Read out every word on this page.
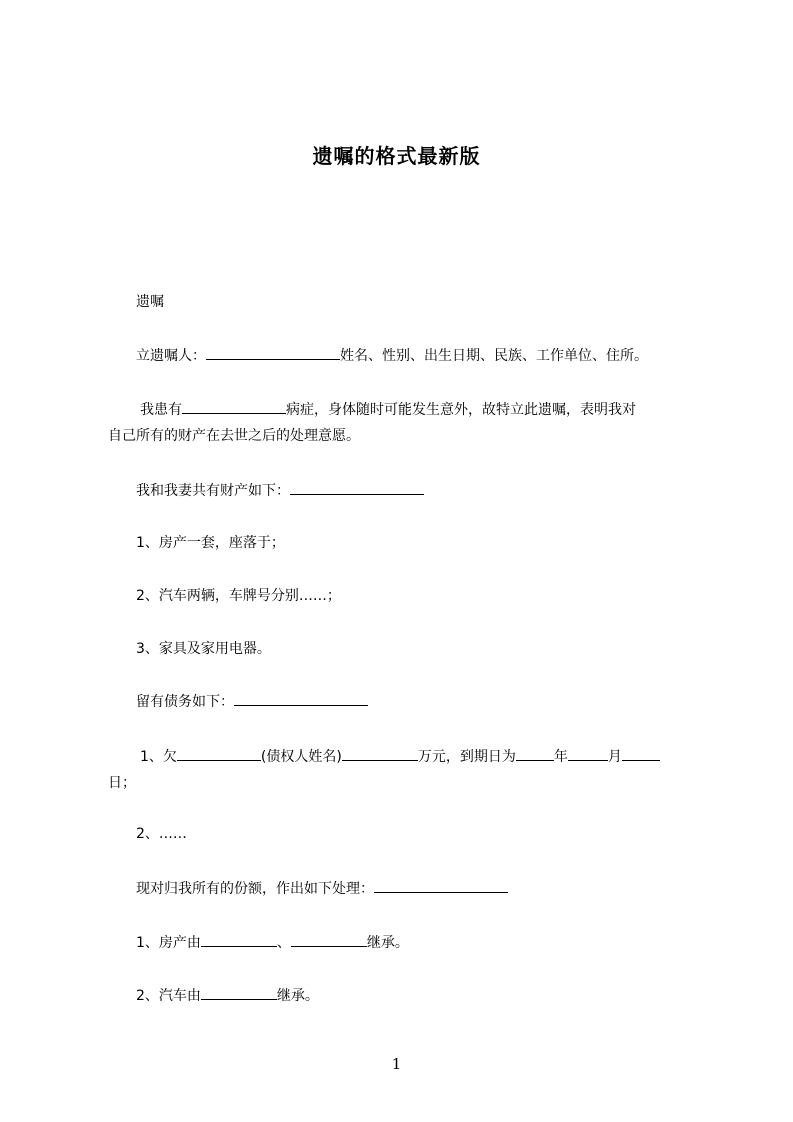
遗嘱的格式最新版
遗嘱
立遗嘱人：	姓名、性别、出生日期、民族、工作单位、住所。
我患有	病症，身体随时可能发生意外，故特立此遗嘱，表明我对
自己所有的财产在去世之后的处理意愿。
我和我妻共有财产如下：
1、房产一套，座落于；
2、汽车两辆，车牌号分别……；
3、家具及家用电器。
留有债务如下：
1、欠	(债权人姓名)	万元，到期日为	年	月
日；
2、……
现对归我所有的份额，作出如下处理：
1、房产由	、	继承。
2、汽车由	继承。
1
